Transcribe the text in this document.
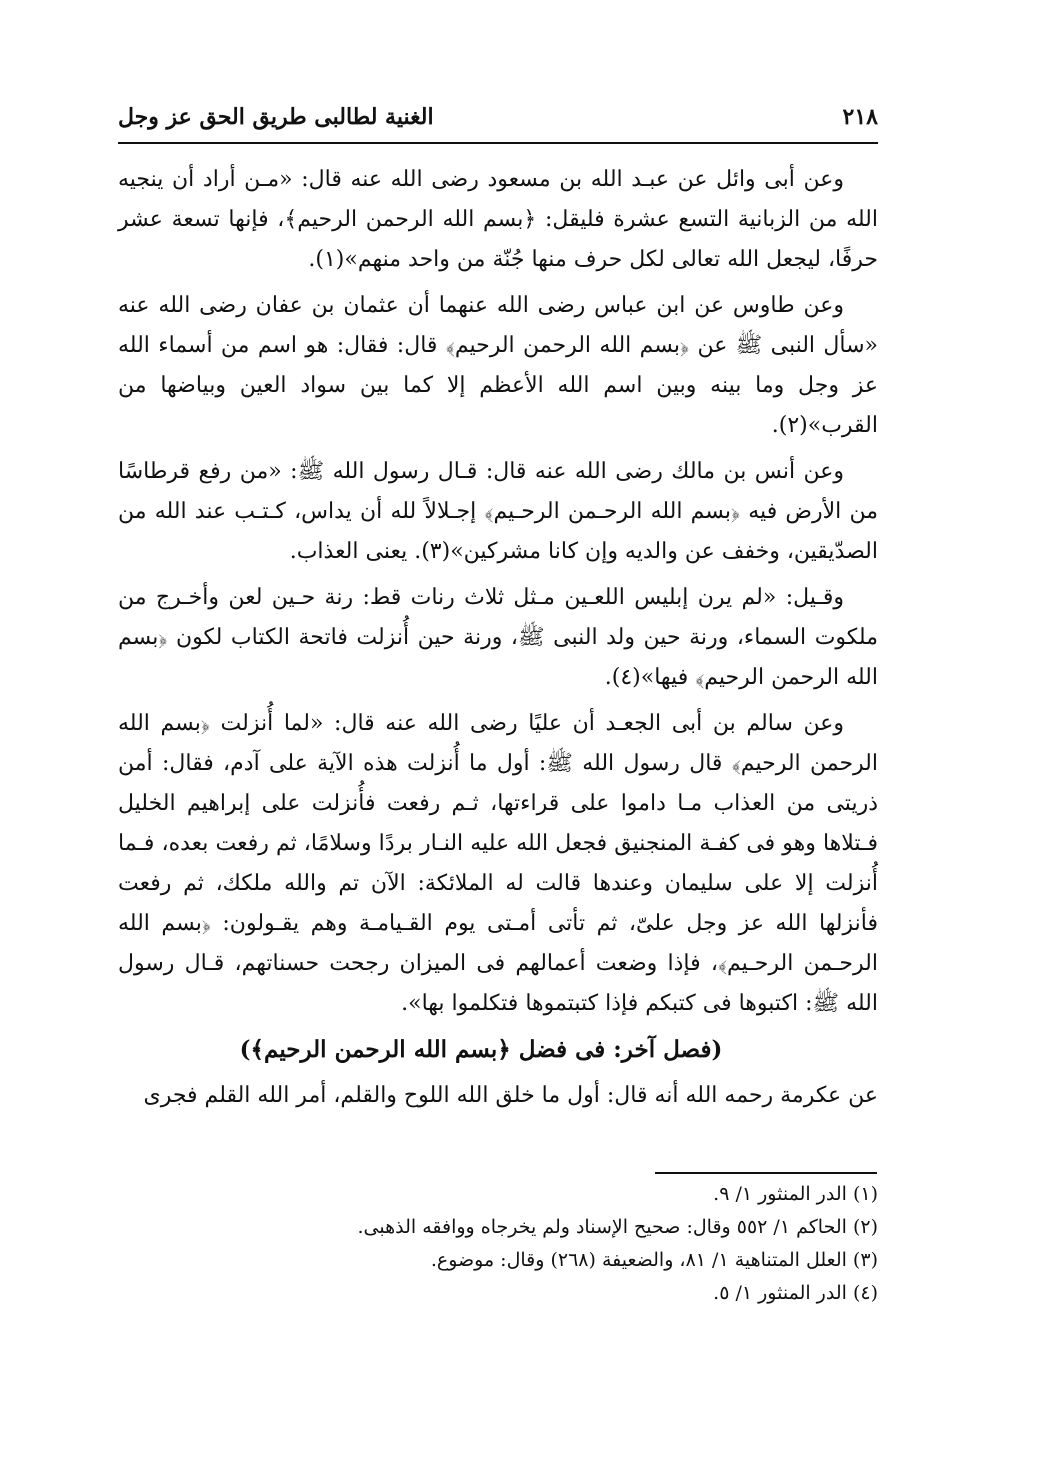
٢١٨
الغنية لطالبى طريق الحق عز وجل

وعن أبى وائل عن عبـد الله بن مسعود رضى الله عنه قال: «مـن أراد أن ينجيه الله من الزبانية التسع عشرة فليقل: ﴿بسم الله الرحمن الرحيم﴾، فإنها تسعة عشر حرفًا، ليجعل الله تعالى لكل حرف منها جُنّة من واحد منهم»(١).

وعن طاوس عن ابن عباس رضى الله عنهما أن عثمان بن عفان رضى الله عنه «سأل النبى ﷺ عن ﴿بسم الله الرحمن الرحيم﴾ قال: فقال: هو اسم من أسماء الله عز وجل وما بينه وبين اسم الله الأعظم إلا كما بين سواد العين وبياضها من القرب»(٢).

وعن أنس بن مالك رضى الله عنه قال: قـال رسول الله ﷺ: «من رفع قرطاسًا من الأرض فيه ﴿بسم الله الرحـمن الرحـيم﴾ إجـلالاً لله أن يداس، كـتـب عند الله من الصدّيقين، وخفف عن والديه وإن كانا مشركين»(٣). يعنى العذاب.

وقـيل: «لم يرن إبليس اللعـين مـثل ثلاث رنات قط: رنة حـين لعن وأخـرج من ملكوت السماء، ورنة حين ولد النبى ﷺ، ورنة حين أُنزلت فاتحة الكتاب لكون ﴿بسم الله الرحمن الرحيم﴾ فيها»(٤).

وعن سالم بن أبى الجعـد أن عليًا رضى الله عنه قال: «لما أُنزلت ﴿بسم الله الرحمن الرحيم﴾ قال رسول الله ﷺ: أول ما أُنزلت هذه الآية على آدم، فقال: أمن ذريتى من العذاب مـا داموا على قراءتها، ثـم رفعت فأُنزلت على إبراهيم الخليل فـتلاها وهو فى كفـة المنجنيق فجعل الله عليه النـار بردًا وسلامًا، ثم رفعت بعده، فـما أُنزلت إلا على سليمان وعندها قالت له الملائكة: الآن تم والله ملكك، ثم رفعت فأنزلها الله عز وجل علىّ، ثم تأتى أمـتى يوم القـيامـة وهم يقـولون: ﴿بسم الله الرحـمن الرحـيم﴾، فإذا وضعت أعمالهم فى الميزان رجحت حسناتهم، قـال رسول الله ﷺ: اكتبوها فى كتبكم فإذا كتبتموها فتكلموا بها».

(فصل آخر: فى فضل ﴿بسم الله الرحمن الرحيم﴾)

عن عكرمة رحمه الله أنه قال: أول ما خلق الله اللوح والقلم، أمر الله القلم فجرى

(١) الدر المنثور ١/ ٩.
(٢) الحاكم ١/ ٥٥٢ وقال: صحيح الإسناد ولم يخرجاه ووافقه الذهبى.
(٣) العلل المتناهية ١/ ٨١، والضعيفة (٢٦٨) وقال: موضوع.
(٤) الدر المنثور ١/ ٥.
